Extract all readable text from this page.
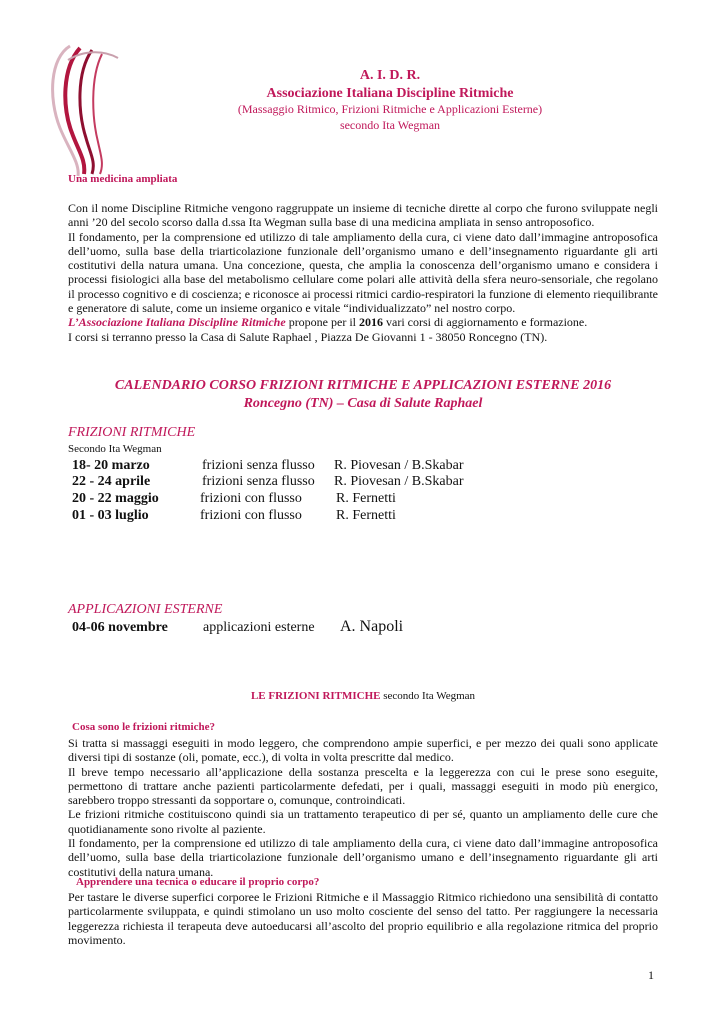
A. I. D. R.
Associazione Italiana Discipline Ritmiche
(Massaggio Ritmico, Frizioni Ritmiche e Applicazioni Esterne)
secondo Ita Wegman
Una medicina ampliata

Con il nome Discipline Ritmiche vengono raggruppate un insieme di tecniche dirette al corpo che furono sviluppate negli anni ’20 del secolo scorso dalla d.ssa Ita Wegman sulla base di una medicina ampliata in senso antroposofico.

Il fondamento, per la comprensione ed utilizzo di tale ampliamento della cura, ci viene dato dall’immagine antroposofica dell’uomo, sulla base della triarticolazione funzionale dell’organismo umano e dell’insegnamento riguardante gli arti costitutivi della natura umana. Una concezione, questa, che amplia la conoscenza dell’organismo umano e considera i processi fisiologici alla base del metabolismo cellulare come polari alle attività della sfera neuro-sensoriale, che regolano il processo cognitivo e di coscienza; e riconosce ai processi ritmici cardio-respiratori la funzione di elemento riequilibrante e generatore di salute, come un insieme organico e vitale “individualizzato” nel nostro corpo.

L’Associazione Italiana Discipline Ritmiche propone per il 2016 vari corsi di aggiornamento e formazione.

I corsi si terranno presso la Casa di Salute Raphael , Piazza De Giovanni 1 - 38050 Roncegno (TN).

CALENDARIO CORSO FRIZIONI RITMICHE E APPLICAZIONI ESTERNE 2016
Roncegno (TN) – Casa di Salute Raphael
FRIZIONI RITMICHE
Secondo Ita Wegman
18- 20 marzo	frizioni senza flusso R. Piovesan / B.Skabar
22 - 24 aprile	frizioni senza flusso R. Piovesan / B.Skabar
20 - 22 maggio	frizioni con flusso R. Fernetti
01 - 03 luglio	frizioni con flusso R. Fernetti
APPLICAZIONI ESTERNE
04-06 novembre	applicazioni esterne A. Napoli
LE FRIZIONI RITMICHE secondo Ita Wegman
Cosa sono le frizioni ritmiche?

Si tratta si massaggi eseguiti in modo leggero, che comprendono ampie superfici, e per mezzo dei quali sono applicate diversi tipi di sostanze (oli, pomate, ecc.), di volta in volta prescritte dal medico.

Il breve tempo necessario all’applicazione della sostanza prescelta e la leggerezza con cui le prese sono eseguite, permettono di trattare anche pazienti particolarmente defedati, per i quali, massaggi eseguiti in modo più energico, sarebbero troppo stressanti da sopportare o, comunque, controindicati.

Le frizioni ritmiche costituiscono quindi sia un trattamento terapeutico di per sé, quanto un ampliamento delle cure che quotidianamente sono rivolte al paziente.

Il fondamento, per la comprensione ed utilizzo di tale ampliamento della cura, ci viene dato dall’immagine antroposofica dell’uomo, sulla base della triarticolazione funzionale dell’organismo umano e dell’insegnamento riguardante gli arti costitutivi della natura umana.

Apprendere una tecnica o educare il proprio corpo?

Per tastare le diverse superfici corporee le Frizioni Ritmiche e il Massaggio Ritmico richiedono una sensibilità di contatto particolarmente sviluppata, e quindi stimolano un uso molto cosciente del senso del tatto. Per raggiungere la necessaria leggerezza richiesta il terapeuta deve autoeducarsi all’ascolto del proprio equilibrio e alla regolazione ritmica del proprio movimento.

1
